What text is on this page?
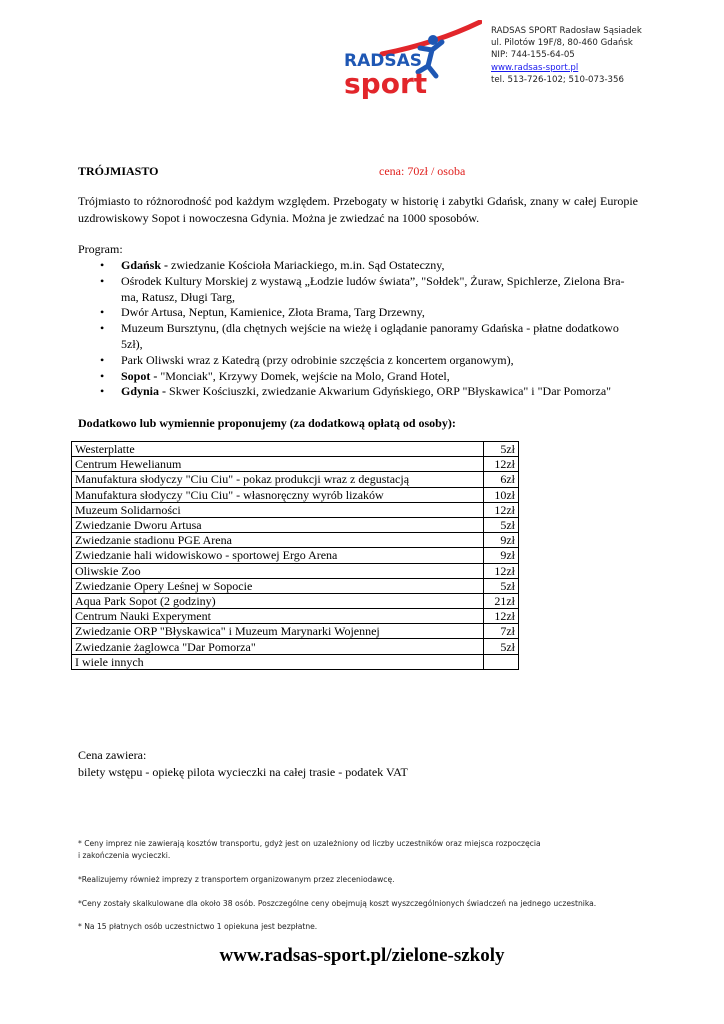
RADSAS
sport
RADSAS SPORT Radosław Sąsiadek
ul. Pilotów 19F/8, 80-460 Gdańsk
NIP: 744-155-64-05
www.radsas-sport.pl
tel. 513-726-102; 510-073-356
TRÓJMIASTO	cena: 70zł / osoba
Trójmiasto to różnorodność pod każdym względem. Przebogaty w historię i zabytki Gdańsk, znany w całej Europie uzdrowiskowy Sopot i nowoczesna Gdynia. Można je zwiedzać na 1000 sposobów.
Program:
• Gdańsk - zwiedzanie Kościoła Mariackiego, m.in. Sąd Ostateczny,
• Ośrodek Kultury Morskiej z wystawą „Łodzie ludów świata”, "Sołdek", Żuraw, Spichlerze, Zielona Bra-ma, Ratusz, Długi Targ,
• Dwór Artusa, Neptun, Kamienice, Złota Brama, Targ Drzewny,
• Muzeum Bursztynu, (dla chętnych wejście na wieżę i oglądanie panoramy Gdańska - płatne dodatkowo 5zł),
• Park Oliwski wraz z Katedrą (przy odrobinie szczęścia z koncertem organowym),
• Sopot - "Monciak", Krzywy Domek, wejście na Molo, Grand Hotel,
• Gdynia - Skwer Kościuszki, zwiedzanie Akwarium Gdyńskiego, ORP "Błyskawica" i "Dar Pomorza"
Dodatkowo lub wymiennie proponujemy (za dodatkową opłatą od osoby):
Westerplatte	5zł
Centrum Hewelianum	12zł
Manufaktura słodyczy "Ciu Ciu" - pokaz produkcji wraz z degustacją	6zł
Manufaktura słodyczy "Ciu Ciu" - własnoręczny wyrób lizaków	10zł
Muzeum Solidarności	12zł
Zwiedzanie Dworu Artusa	5zł
Zwiedzanie stadionu PGE Arena	9zł
Zwiedzanie hali widowiskowo - sportowej Ergo Arena	9zł
Oliwskie Zoo	12zł
Zwiedzanie Opery Leśnej w Sopocie	5zł
Aqua Park Sopot (2 godziny)	21zł
Centrum Nauki Experyment	12zł
Zwiedzanie ORP "Błyskawica" i Muzeum Marynarki Wojennej	7zł
Zwiedzanie żaglowca "Dar Pomorza"	5zł
I wiele innych	
Cena zawiera:
bilety wstępu - opiekę pilota wycieczki na całej trasie - podatek VAT

* Ceny imprez nie zawierają kosztów transportu, gdyż jest on uzależniony od liczby uczestników oraz miejsca rozpoczęcia

i zakończenia wycieczki.

*Realizujemy również imprezy z transportem organizowanym przez zleceniodawcę.

*Ceny zostały skalkulowane dla około 38 osób. Poszczególne ceny obejmują koszt wyszczególnionych świadczeń na jednego uczestnika.

* Na 15 płatnych osób uczestnictwo 1 opiekuna jest bezpłatne.

www.radsas-sport.pl/zielone-szkoly
